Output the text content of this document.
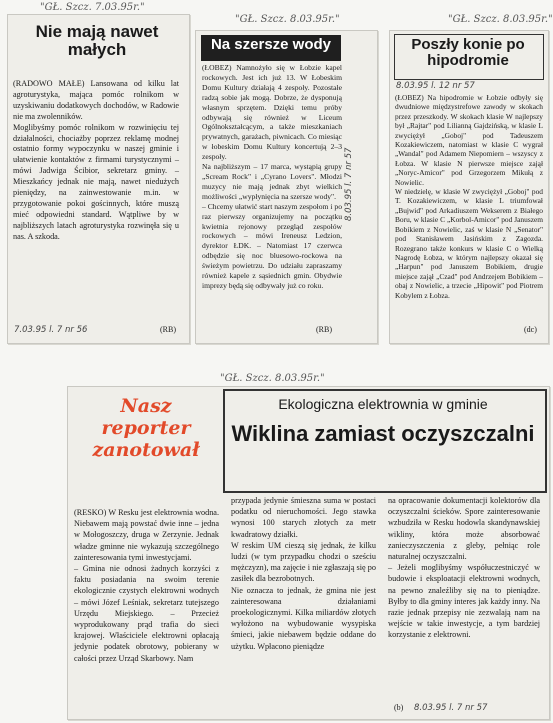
"GŁ. Szcz. 7.03.95r."
"GŁ. Szcz. 8.03.95r."	"GŁ. Szcz. 8.03.95r."
"GŁ. Szcz. 8.03.95r."
Nie mają nawet małych
(RADOWO MAŁE) Lansowana od kilku lat agroturystyka, mająca pomóc rolnikom w uzyskiwaniu dodatkowych dochodów, w Radowie nie ma zwolenników.
Moglibyśmy pomóc rolnikom w rozwinięciu tej działalności, chociażby poprzez reklamę modnej ostatnio formy wypoczynku w naszej gminie i ułatwienie kontaktów z firmami turystycznymi – mówi Jadwiga Ścibior, sekretarz gminy. – Mieszkańcy jednak nie mają, nawet niedużych pieniędzy, na zainwestowanie m.in. w przygotowanie pokoi gościnnych, które muszą mieć odpowiedni standard. Wątpliwe by w najbliższych latach agroturystyka rozwinęła się u nas. A szkoda.
7.03.95 l. 7 nr 56	(RB)
Na szersze wody
(ŁOBEZ) Namnożyło się w Łobzie kapel rockowych. Jest ich już 13. W Łobeskim Domu Kultury działają 4 zespoły. Pozostałe radzą sobie jak mogą. Dobrze, że dysponują własnym sprzętem. Dzięki temu próby odbywają się również w Liceum Ogólnokształcącym, a także mieszkaniach prywatnych, garażach, piwnicach. Co miesiąc w łobeskim Domu Kultury koncertują 2–3 zespoły.
Na najbliższym – 17 marca, wystąpią grupy „Scream Rock" i „Cyrano Lovers". Młodzi muzycy nie mają jednak zbyt wielkich możliwości „wypłynięcia na szersze wody".
– Chcemy ułatwić start naszym zespołom i po raz pierwszy organizujemy na początku kwietnia rejonowy przegląd zespołów rockowych – mówi Ireneusz Ledzion, dyrektor ŁDK. – Natomiast 17 czerwca odbędzie się noc bluesowo-rockowa na świeżym powietrzu. Do udziału zapraszamy również kapele z sąsiednich gmin. Obydwie imprezy będą się odbywały już co roku.
8.03.95 l. 7 nr 57
(RB)
Poszły konie po hipodromie
8.03.95 l. 12 nr 57
(ŁOBEZ) Na hipodromie w Łobzie odbyły się dwudniowe międzystrefowe zawody w skokach przez przeszkody. W skokach klasie W najlepszy był „Rajtar" pod Lilianną Gajdzińską, w klasie L zwyciężył „Goboj" pod Tadeuszem Kozakiewiczem, natomiast w klasie C wygrał „Wandal" pod Adamem Niepomiern – wszyscy z Łobza. W klasie N pierwsze miejsce zajął „Noryc-Amicor" pod Grzegorzem Mikułą z Nowielic.
W niedzielę, w klasie W zwyciężył „Goboj" pod T. Kozakiewiczem, w klasie L triumfował „Bujwid" pod Arkadiuszem Wekserem z Białego Boru, w klasie C „Korbol-Amicor" pod Januszem Bobikiem z Nowielic, zaś w klasie N „Senator" pod Stanisławem Jasińskim z Zagozda. Rozegrano także konkurs w klasie C o Wielką Nagrodę Łobza, w którym najlepszy okazał się „Harpun" pod Januszem Bobikiem, drugie miejsce zajął „Czad" pod Andrzejem Bobikiem – obaj z Nowielic, a trzecie „Hipowit" pod Piotrem Kobylem z Łobza.
(dc)
Nasz reporter zanotował
Ekologiczna elektrownia w gminie
Wiklina zamiast oczyszczalni
(RESKO) W Resku jest elektrownia wodna. Niebawem mają powstać dwie inne – jedna w Mołogoszczy, druga w Zerzynie. Jednak władze gminne nie wykazują szczególnego zainteresowania tymi inwestycjami.
– Gmina nie odnosi żadnych korzyści z faktu posiadania na swoim terenie ekologicznie czystych elektrowni wodnych – mówi Józef Leśniak, sekretarz tutejszego Urzędu Miejskiego. – Przecież wyprodukowany prąd trafia do sieci krajowej. Właściciele elektrowni opłacają jedynie podatek obrotowy, pobierany w całości przez Urząd Skarbowy. Nam
przypada jedynie śmieszna suma w postaci podatku od nieruchomości. Jego stawka wynosi 100 starych złotych za metr kwadratowy działki.
W reskim UM cieszą się jednak, że kilku ludzi (w tym przypadku chodzi o sześciu mężczyzn), ma zajęcie i nie zgłaszają się po zasiłek dla bezrobotnych.
Nie oznacza to jednak, że gmina nie jest zainteresowana działaniami proekologicznymi. Kilka miliardów złotych wyłożono na wybudowanie wysypiska śmieci, jakie niebawem będzie oddane do użytku. Wpłacono pieniądze
na opracowanie dokumentacji kolektorów dla oczyszczalni ścieków. Spore zainteresowanie wzbudziła w Resku hodowla skandynawskiej wikliny, która może absorbować zanieczyszczenia z gleby, pełniąc role naturalnej oczyszczalni.
– Jeżeli moglibyśmy współuczestniczyć w budowie i eksploatacji elektrowni wodnych, na pewno znaleźliby się na to pieniądze. Byłby to dla gminy interes jak każdy inny. Na razie jednak przepisy nie zezwalają nam na wejście w takie inwestycje, a tym bardziej korzystanie z elektrowni.
(b) 8.03.95 l. 7 nr 57
